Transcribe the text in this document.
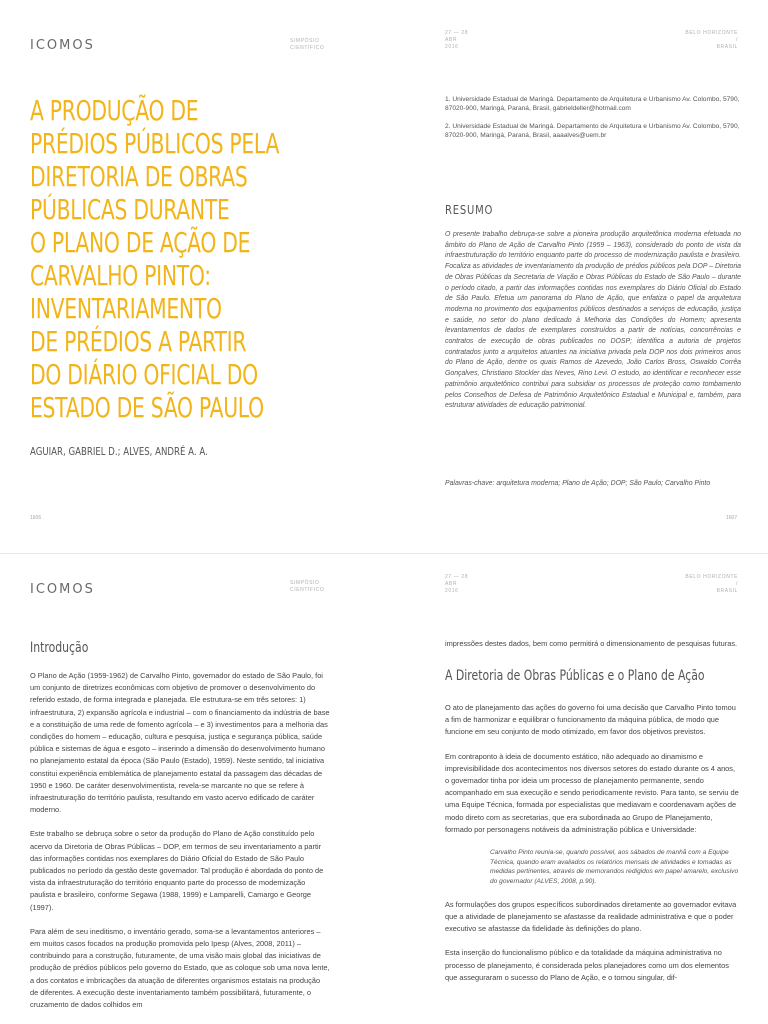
ICOMOS	SIMPÓSIO
CIENTÍFICO
27 — 28
ABR
2016
BELO HORIZONTE
/
BRASIL
A PRODUÇÃO DE
PRÉDIOS PÚBLICOS PELA
DIRETORIA DE OBRAS
PÚBLICAS DURANTE
O PLANO DE AÇÃO DE
CARVALHO PINTO:
INVENTARIAMENTO
DE PRÉDIOS A PARTIR
DO DIÁRIO OFICIAL DO
ESTADO DE SÃO PAULO
AGUIAR, GABRIEL D.; ALVES, ANDRÉ A. A.

1. Universidade Estadual de Maringá. Departamento de Arquitetura e Urbanismo Av. Colombo, 5790, 87020-900, Maringá, Paraná, Brasil, gabrieldeller@hotmail.com

2. Universidade Estadual de Maringá. Departamento de Arquitetura e Urbanismo Av. Colombo, 5790, 87020-900, Maringá, Paraná, Brasil, aaaalves@uem.br

RESUMO
O presente trabalho debruça-se sobre a pioneira produção arquitetônica moderna efetuada no âmbito do Plano de Ação de Carvalho Pinto (1959 – 1963), considerado do ponto de vista da infraestruturação do território enquanto parte do processo de modernização paulista e brasileiro. Focaliza as atividades de inventariamento da produção de prédios públicos pela DOP – Diretoria de Obras Públicas da Secretaria de Viação e Obras Públicas do Estado de São Paulo – durante o período citado, a partir das informações contidas nos exemplares do Diário Oficial do Estado de São Paulo. Efetua um panorama do Plano de Ação, que enfatiza o papel da arquitetura moderna no provimento dos equipamentos públicos destinados a serviços de educação, justiça e saúde, no setor do plano dedicado à Melhoria das Condições do Homem; apresenta levantamentos de dados de exemplares construídos a partir de notícias, concorrências e contratos de execução de obras publicados no DOSP; identifica a autoria de projetos contratados junto a arquitetos atuantes na iniciativa privada pela DOP nos dois primeiros anos do Plano de Ação, dentre os quais Ramos de Azevedo, João Carlos Bross, Oswaldo Corrêa Gonçalves, Christiano Stockler das Neves, Rino Levi. O estudo, ao identificar e reconhecer esse patrimônio arquitetônico contribui para subsidiar os processos de proteção como tombamento pelos Conselhos de Defesa de Patrimônio Arquitetônico Estadual e Municipal e, também, para estruturar atividades de educação patrimonial.
Palavras-chave: arquitetura moderna; Plano de Ação; DOP; São Paulo; Carvalho Pinto
1606	1607
ICOMOS	SIMPÓSIO
CIENTÍFICO
27 — 28
ABR
2016
BELO HORIZONTE
/
BRASIL
Introdução

O Plano de Ação (1959-1962) de Carvalho Pinto, governador do estado de São Paulo, foi um conjunto de diretrizes econômicas com objetivo de promover o desenvolvimento do referido estado, de forma integrada e planejada. Ele estrutura-se em três setores: 1) infraestrutura, 2) expansão agrícola e industrial – com o financiamento da indústria de base e a constituição de uma rede de fomento agrícola – e 3) investimentos para a melhoria das condições do homem – educação, cultura e pesquisa, justiça e segurança pública, saúde pública e sistemas de água e esgoto – inserindo a dimensão do desenvolvimento humano no planejamento estatal da época (São Paulo (Estado), 1959). Neste sentido, tal iniciativa constitui experiência emblemática de planejamento estatal da passagem das décadas de 1950 e 1960. De caráter desenvolvimentista, revela-se marcante no que se refere à infraestruturação do território paulista, resultando em vasto acervo edificado de caráter moderno.

Este trabalho se debruça sobre o setor da produção do Plano de Ação constituído pelo acervo da Diretoria de Obras Públicas – DOP, em termos de seu inventariamento a partir das informações contidas nos exemplares do Diário Oficial do Estado de São Paulo publicados no período da gestão deste governador. Tal produção é abordada do ponto de vista da infraestruturação do território enquanto parte do processo de modernização paulista e brasileiro, conforme Segawa (1988, 1999) e Lamparelli, Camargo e George (1997).

Para além de seu ineditismo, o inventário gerado, soma-se a levantamentos anteriores – em muitos casos focados na produção promovida pelo Ipesp (Alves, 2008, 2011) – contribuindo para a construção, futuramente, de uma visão mais global das iniciativas de produção de prédios públicos pelo governo do Estado, que as coloque sob uma nova lente, a dos contatos e imbricações da atuação de diferentes organismos estatais na produção de diferentes. A execução deste inventariamento também possibilitará, futuramente, o cruzamento de dados colhidos em

impressões destes dados, bem como permitirá o dimensionamento de pesquisas futuras.

A Diretoria de Obras Públicas e o Plano de Ação

O ato de planejamento das ações do governo foi uma decisão que Carvalho Pinto tomou a fim de harmonizar e equilibrar o funcionamento da máquina pública, de modo que funcione em seu conjunto de modo otimizado, em favor dos objetivos previstos.

Em contraponto à ideia de documento estático, não adequado ao dinamismo e imprevisibilidade dos acontecimentos nos diversos setores do estado durante os 4 anos, o governador tinha por ideia um processo de planejamento permanente, sendo acompanhado em sua execução e sendo periodicamente revisto. Para tanto, se serviu de uma Equipe Técnica, formada por especialistas que mediavam e coordenavam ações de modo direto com as secretarias, que era subordinada ao Grupo de Planejamento, formado por personagens notáveis da administração pública e Universidade:

Carvalho Pinto reunia-se, quando possível, aos sábados de manhã com a Equipe Técnica, quando eram avaliados os relatórios mensais de atividades e tomadas as medidas pertinentes, através de memorandos redigidos em papel amarelo, exclusivo do governador (ALVES, 2008, p.90).

As formulações dos grupos específicos subordinados diretamente ao governador evitava que a atividade de planejamento se afastasse da realidade administrativa e que o poder executivo se afastasse da fidelidade às definições do plano.

Esta inserção do funcionalismo público e da totalidade da máquina administrativa no processo de planejamento, é considerada pelos planejadores como um dos elementos que asseguraram o sucesso do Plano de Ação, e o tornou singular, dif-
